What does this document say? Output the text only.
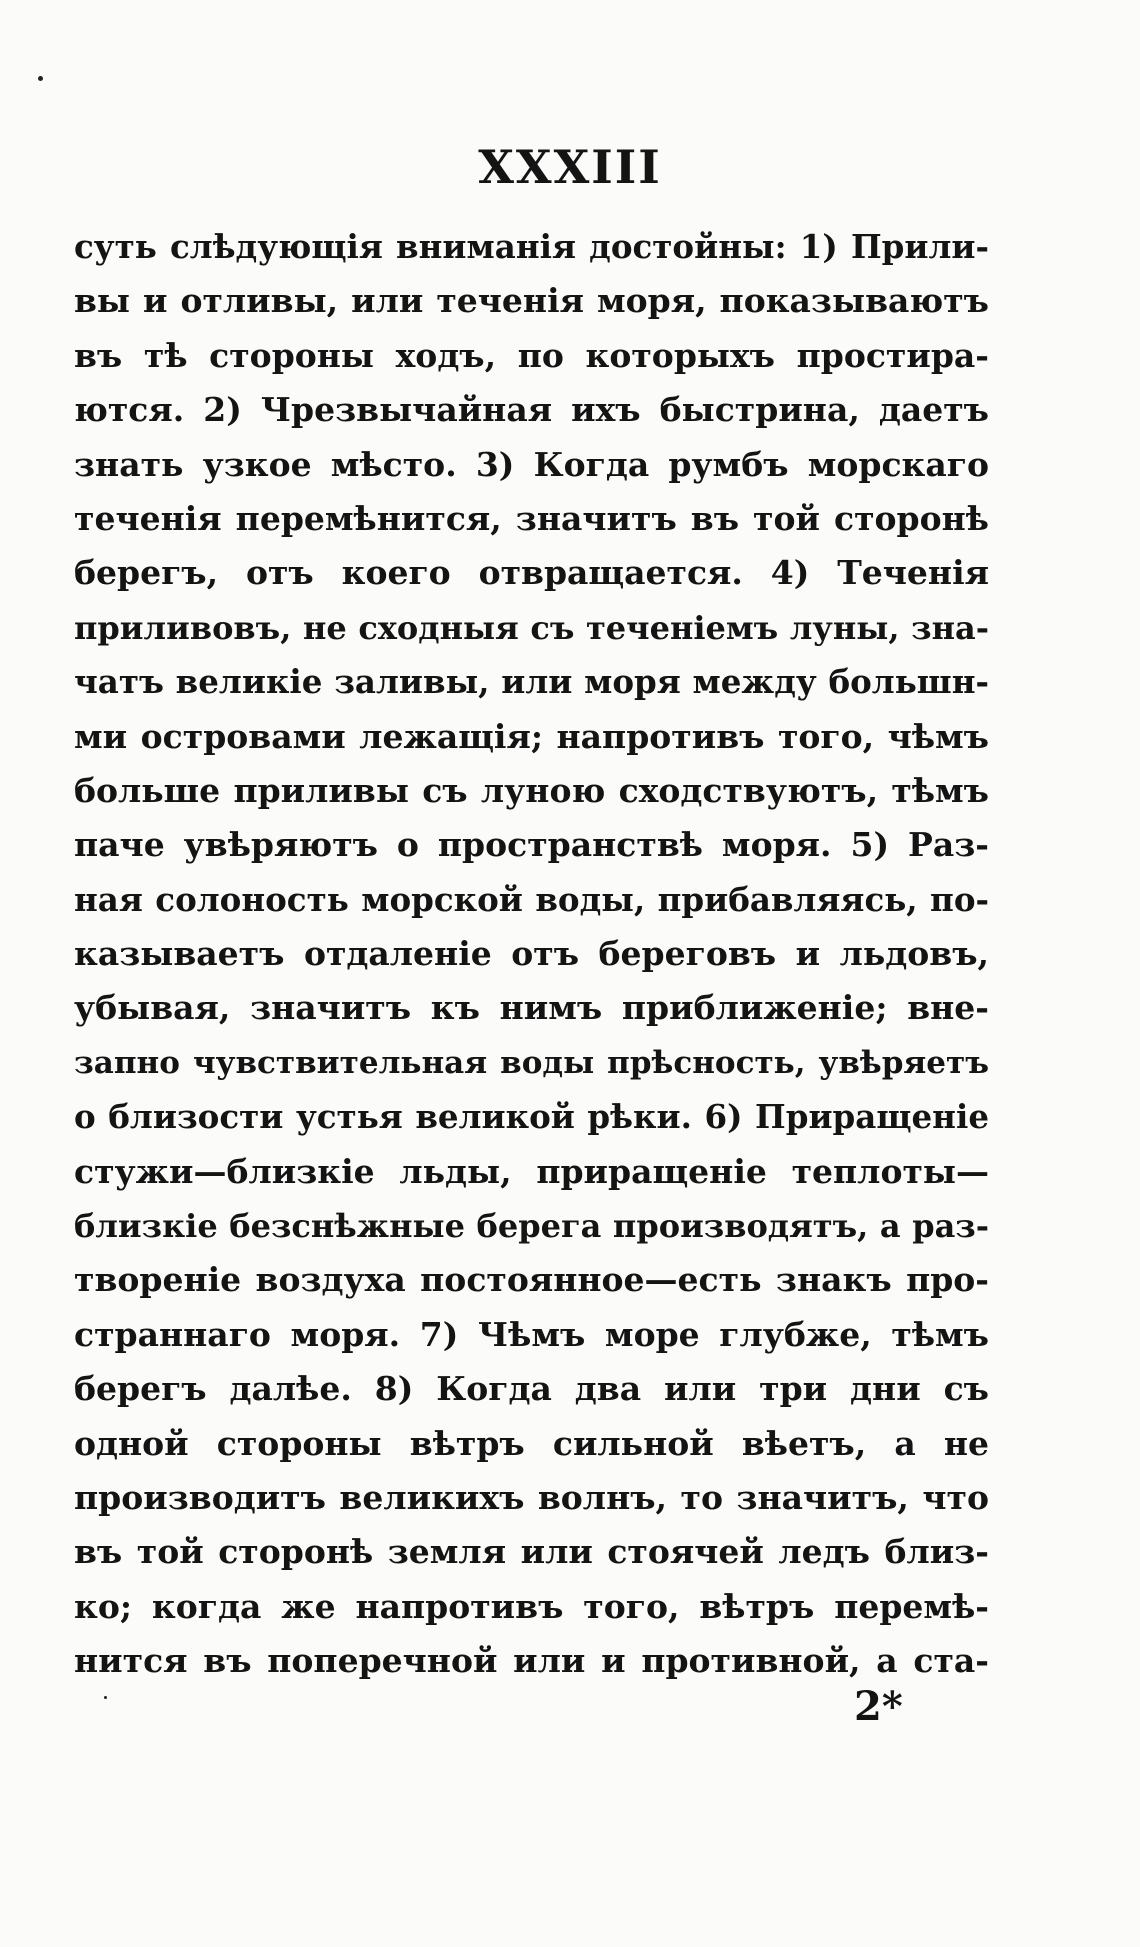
XXXIII
суть слѣдующія вниманія достойны: 1) Прили-
вы и отливы, или теченія моря, показываютъ
въ тѣ стороны ходъ, по которыхъ простира-
ются. 2) Чрезвычайная ихъ быстрина, даетъ
знать узкое мѣсто. 3) Когда румбъ морскаго
теченія перемѣнится, значитъ въ той сторонѣ
берегъ, отъ коего отвращается. 4) Теченія
приливовъ, не сходныя съ теченіемъ луны, зна-
чатъ великіе заливы, или моря между большн-
ми островами лежащія; напротивъ того, чѣмъ
больше приливы съ луною сходствуютъ, тѣмъ
паче увѣряютъ о пространствѣ моря. 5) Раз-
ная солоность морской воды, прибавляясь, по-
казываетъ отдаленіе отъ береговъ и льдовъ,
убывая, значитъ къ нимъ приближеніе; вне-
запно чувствительная воды прѣсность, увѣряетъ
о близости устья великой рѣки. 6) Приращеніе
стужи—близкіе льды, приращеніе теплоты—
близкіе безснѣжные берега производятъ, а раз-
твореніе воздуха постоянное—есть знакъ про-
страннаго моря. 7) Чѣмъ море глубже, тѣмъ
берегъ далѣе. 8) Когда два или три дни съ
одной стороны вѣтръ сильной вѣетъ, а не
производитъ великихъ волнъ, то значитъ, что
въ той сторонѣ земля или стоячей ледъ близ-
ко; когда же напротивъ того, вѣтръ перемѣ-
нится въ поперечной или и противной, а ста-
2*
